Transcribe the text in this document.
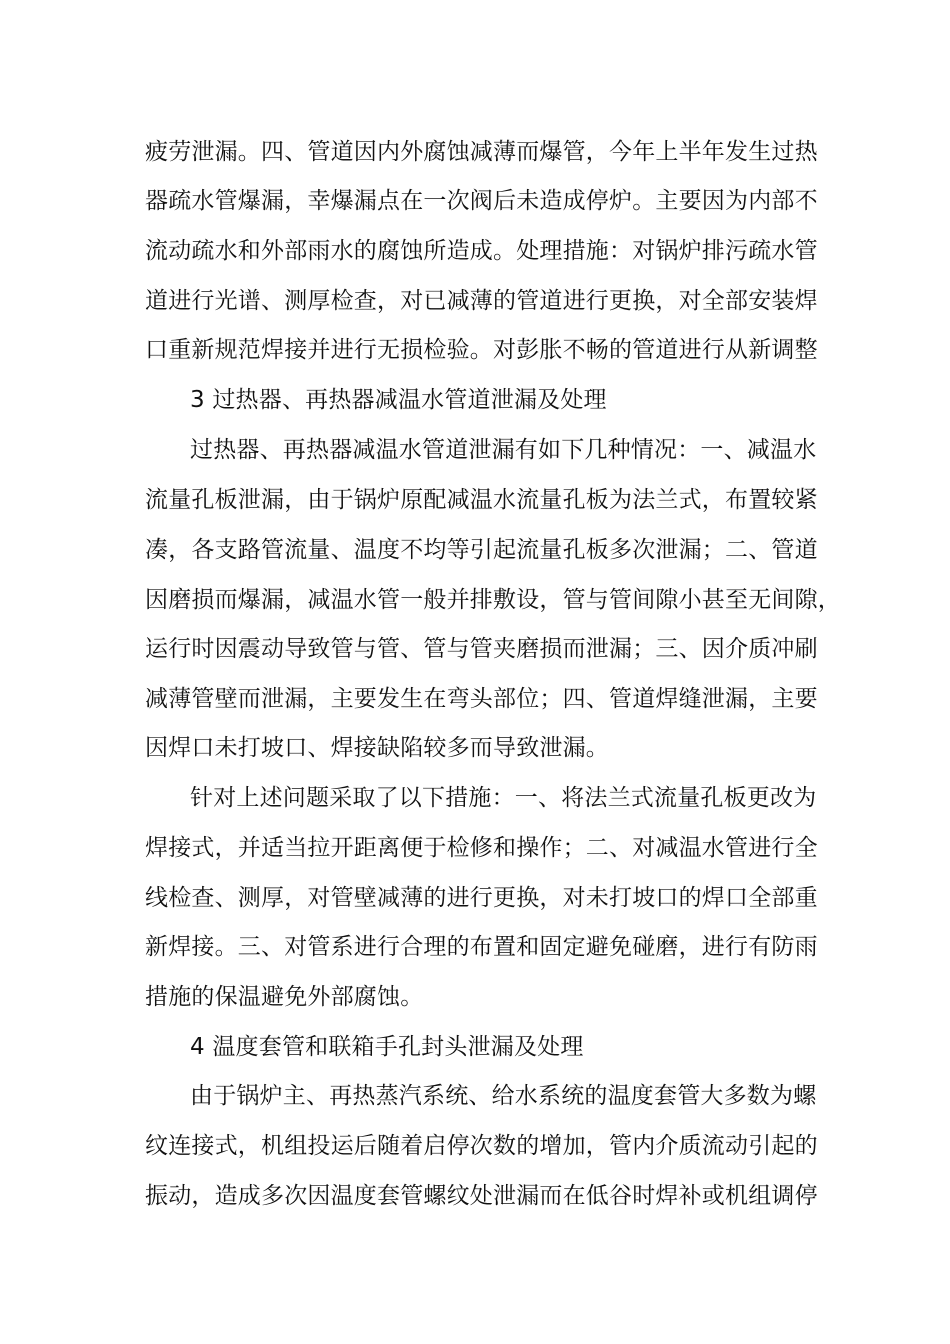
疲劳泄漏。四、管道因内外腐蚀减薄而爆管，今年上半年发生过热
器疏水管爆漏，幸爆漏点在一次阀后未造成停炉。主要因为内部不
流动疏水和外部雨水的腐蚀所造成。处理措施：对锅炉排污疏水管
道进行光谱、测厚检查，对已减薄的管道进行更换，对全部安装焊
口重新规范焊接并进行无损检验。对彭胀不畅的管道进行从新调整
3 过热器、再热器减温水管道泄漏及处理
过热器、再热器减温水管道泄漏有如下几种情况：一、减温水
流量孔板泄漏，由于锅炉原配减温水流量孔板为法兰式，布置较紧
凑，各支路管流量、温度不均等引起流量孔板多次泄漏；二、管道
因磨损而爆漏，减温水管一般并排敷设，管与管间隙小甚至无间隙，
运行时因震动导致管与管、管与管夹磨损而泄漏；三、因介质冲刷
减薄管壁而泄漏，主要发生在弯头部位；四、管道焊缝泄漏，主要
因焊口未打坡口、焊接缺陷较多而导致泄漏。
针对上述问题采取了以下措施：一、将法兰式流量孔板更改为
焊接式，并适当拉开距离便于检修和操作；二、对减温水管进行全
线检查、测厚，对管壁减薄的进行更换，对未打坡口的焊口全部重
新焊接。三、对管系进行合理的布置和固定避免碰磨，进行有防雨
措施的保温避免外部腐蚀。
4 温度套管和联箱手孔封头泄漏及处理
由于锅炉主、再热蒸汽系统、给水系统的温度套管大多数为螺
纹连接式，机组投运后随着启停次数的增加，管内介质流动引起的
振动，造成多次因温度套管螺纹处泄漏而在低谷时焊补或机组调停
